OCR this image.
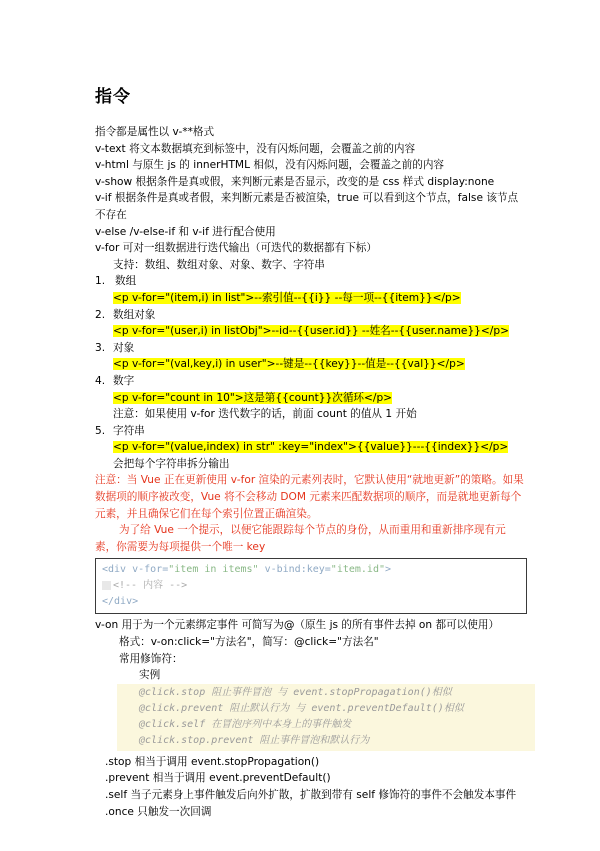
指令
指令都是属性以 v-**格式
v-text 将文本数据填充到标签中，没有闪烁问题，会覆盖之前的内容
v-html 与原生 js 的 innerHTML 相似，没有闪烁问题，会覆盖之前的内容
v-show 根据条件是真或假，来判断元素是否显示，改变的是 css 样式 display:none
v-if 根据条件是真或者假，来判断元素是否被渲染，true 可以看到这个节点，false 该节点不存在
v-else /v-else-if 和 v-if 进行配合使用
v-for 可对一组数据进行迭代输出（可迭代的数据都有下标）
支持：数组、数组对象、对象、数字、字符串
1. 数组
<p v-for="(item,i) in list">--索引值--{{i}} --每一项--{{item}}</p>
2. 数组对象
<p v-for="(user,i) in listObj">--id--{{user.id}} --姓名--{{user.name}}</p>
3. 对象
<p v-for="(val,key,i) in user">--键是--{{key}}--值是--{{val}}</p>
4. 数字
<p v-for="count in 10">这是第{{count}}次循环</p>
注意：如果使用 v-for 迭代数字的话，前面 count 的值从 1 开始
5. 字符串
<p v-for="(value,index) in str" :key="index">{{value}}---{{index}}</p>
会把每个字符串拆分输出
注意：当 Vue 正在更新使用 v-for 渲染的元素列表时，它默认使用“就地更新”的策略。如果数据项的顺序被改变，Vue 将不会移动 DOM 元素来匹配数据项的顺序，而是就地更新每个元素，并且确保它们在每个索引位置正确渲染。
为了给 Vue 一个提示，以便它能跟踪每个节点的身份，从而重用和重新排序现有元素，你需要为每项提供一个唯一 key
<div v-for="item in items" v-bind:key="item.id">
<!-- 内容 -->
</div>
v-on 用于为一个元素绑定事件 可简写为@（原生 js 的所有事件去掉 on 都可以使用）
格式：v-on:click="方法名"，简写：@click="方法名"
常用修饰符：
实例
@click.stop 阻止事件冒泡 与 event.stopPropagation()相似
@click.prevent 阻止默认行为 与 event.preventDefault()相似
@click.self 在冒泡序列中本身上的事件触发
@click.stop.prevent 阻止事件冒泡和默认行为
.stop 相当于调用 event.stopPropagation()
.prevent 相当于调用 event.preventDefault()
.self 当子元素身上事件触发后向外扩散，扩散到带有 self 修饰符的事件不会触发本事件
.once 只触发一次回调
